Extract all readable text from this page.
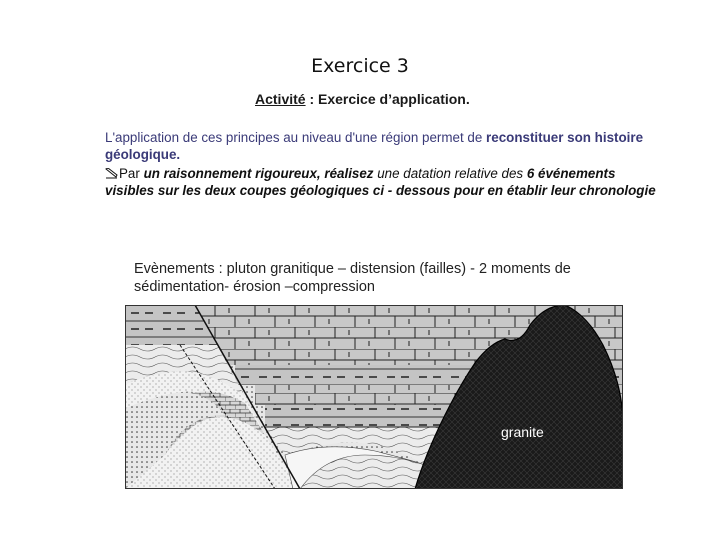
Exercice 3
Activité : Exercice d’application.
L'application de ces principes au niveau d'une région permet de reconstituer son histoire géologique.
Par un raisonnement rigoureux, réalisez une datation relative des 6 événements visibles sur les deux coupes géologiques ci - dessous pour en établir leur chronologie
Evènements : pluton granitique – distension (failles) - 2 moments de sédimentation- érosion –compression
granite
